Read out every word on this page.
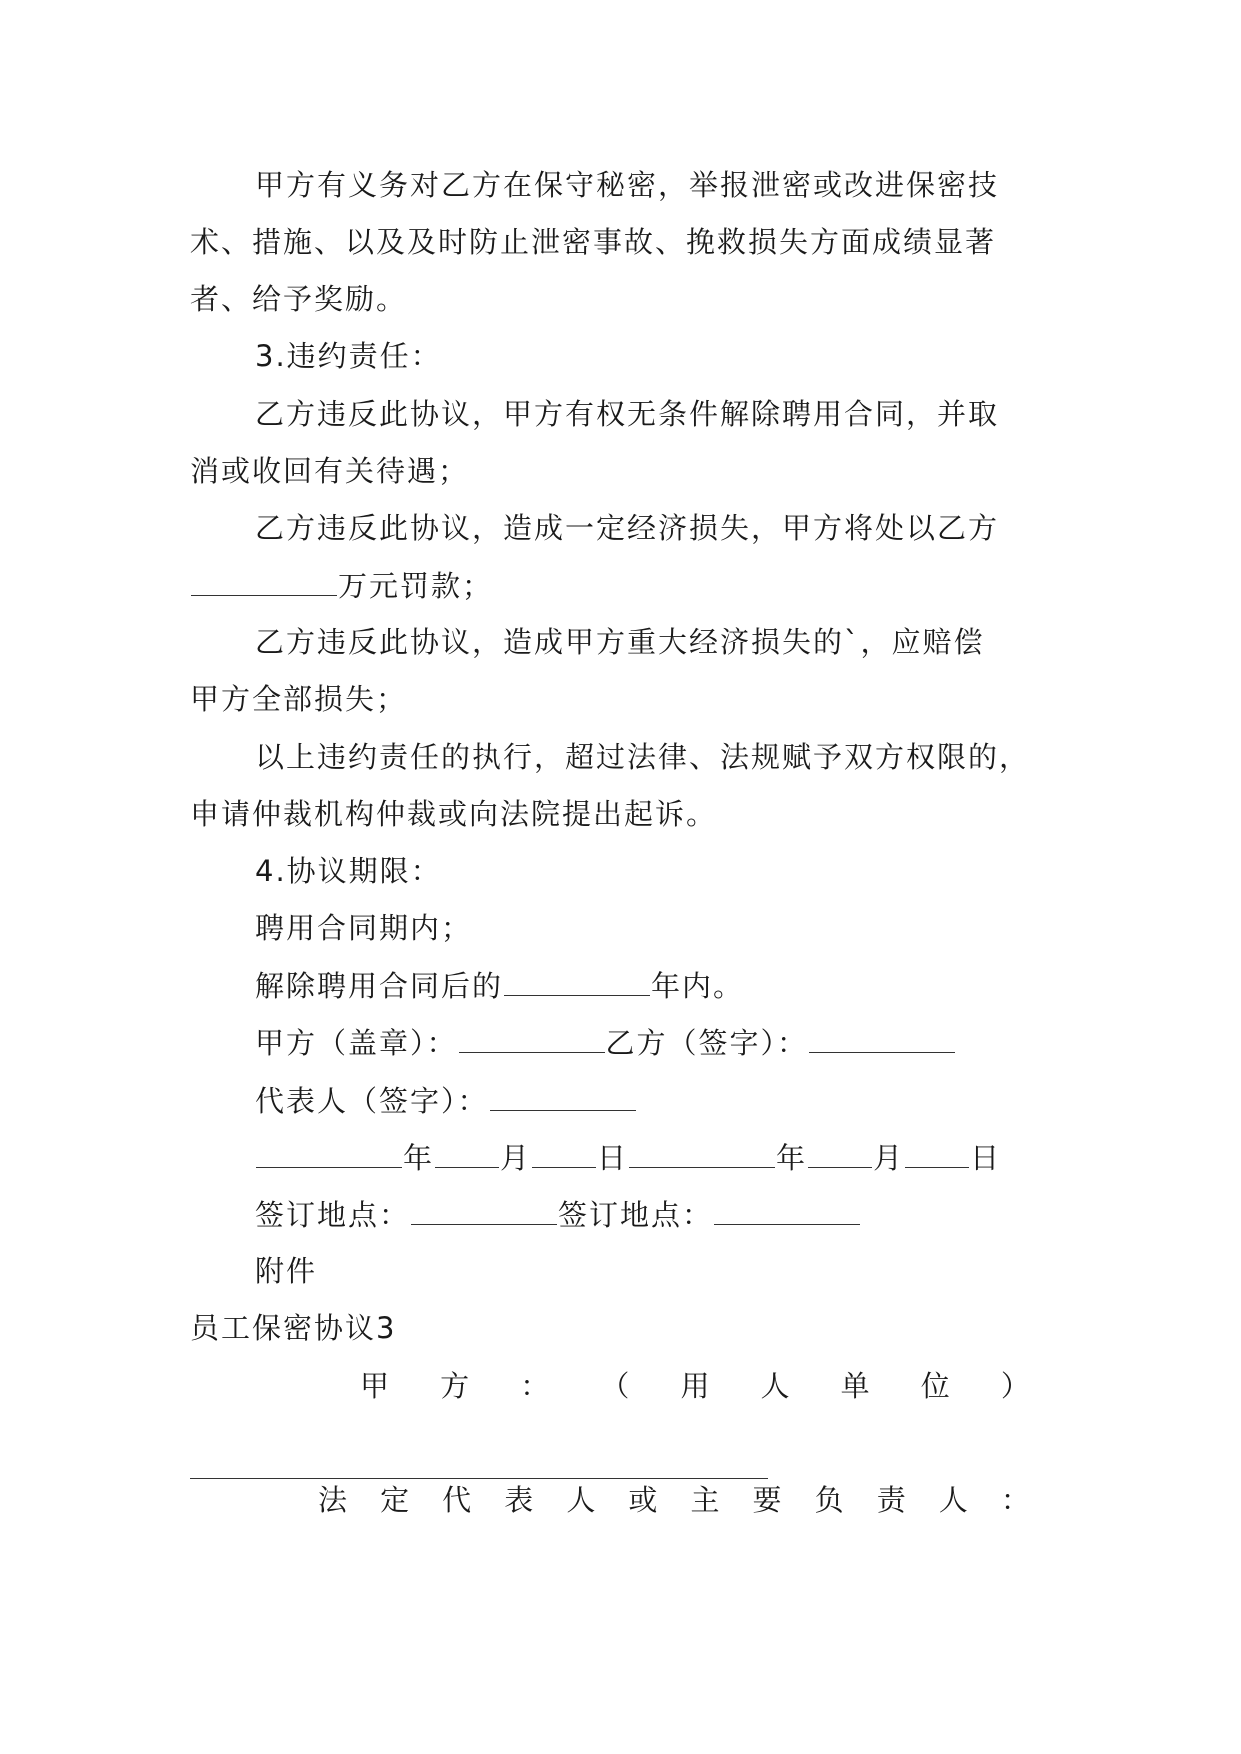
甲方有义务对乙方在保守秘密，举报泄密或改进保密技
术、措施、以及及时防止泄密事故、挽救损失方面成绩显著
者、给予奖励。
3.违约责任：
乙方违反此协议，甲方有权无条件解除聘用合同，并取
消或收回有关待遇；
乙方违反此协议，造成一定经济损失，甲方将处以乙方
万元罚款；
乙方违反此协议，造成甲方重大经济损失的`，应赔偿
甲方全部损失；
以上违约责任的执行，超过法律、法规赋予双方权限的，
申请仲裁机构仲裁或向法院提出起诉。
4.协议期限：
聘用合同期内；
解除聘用合同后的	年内。
甲方（盖章）：	乙方（签字）：
代表人（签字）：
年 月 日	年 月 日
签订地点：	签订地点：
附件
员工保密协议3
甲 方 ： （ 用 人 单 位 ）
法 定 代 表 人 或 主 要 负 责 人 ：
